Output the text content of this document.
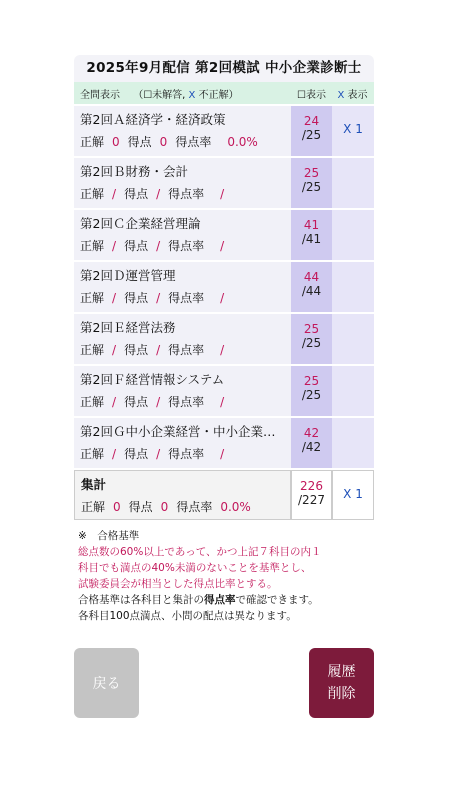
2025年9月配信 第2回模試 中小企業診断士
全問表示 （☐未解答, X 不正解）	☐表示	X 表示
第2回Ａ経済学・経済政策
正解 0 得点 0 得点率 0.0%
24
/25	X 1
第2回Ｂ財務・会計
正解 / 得点 / 得点率 /
25
/25
第2回Ｃ企業経営理論
正解 / 得点 / 得点率 /
41
/41
第2回Ｄ運営管理
正解 / 得点 / 得点率 /
44
/44
第2回Ｅ経営法務
正解 / 得点 / 得点率 /
25
/25
第2回Ｆ経営情報システム
正解 / 得点 / 得点率 /
25
/25
第2回Ｇ中小企業経営・中小企業…
正解 / 得点 / 得点率 /
42
/42
集計
正解 0 得点 0 得点率 0.0%
226
/227	X 1
※　合格基準
総点数の60%以上であって、かつ上記７科目の内１
科目でも満点の40%未満のないことを基準とし、
試験委員会が相当とした得点比率とする。
合格基準は各科目と集計の得点率で確認できます。
各科目100点満点、小問の配点は異なります。
戻る
履歴
削除
